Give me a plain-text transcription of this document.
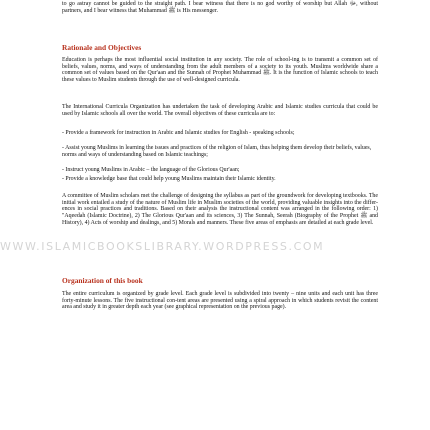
to go astray cannot be guided to the straight path. I bear witness that there is no god worthy of worship but Allah ﷻ, without partners, and I bear witness that Muhammad ﷺ is His messenger.

Rationale and Objectives

Education is perhaps the most influential social institution in any society. The role of school-ing is to transmit a common set of beliefs, values, norms, and ways of understanding from the adult members of a society to its youth. Muslims worldwide share a common set of values based on the Qur'aan and the Sunnah of Prophet Muhammad ﷺ. It is the function of Islamic schools to teach these values to Muslim students through the use of well-designed curricula.

The International Curricula Organization has undertaken the task of developing Arabic and Islamic studies curricula that could be used by Islamic schools all over the world. The overall objectives of these curricula are to:

- Provide a framework for instruction in Arabic and Islamic studies for English - speaking schools;
- Assist young Muslims in learning the issues and practices of the religion of Islam, thus helping them develop their beliefs, values, norms and ways of understanding based on Islamic teachings;
- Instruct young Muslims in Arabic – the language of the Glorious Qur'aan;
- Provide a knowledge base that could help young Muslims maintain their Islamic identity.

A committee of Muslim scholars met the challenge of designing the syllabus as part of the groundwork for developing textbooks. The initial work entailed a study of the nature of Muslim life in Muslim societies of the world, providing valuable insights into the differ-ences in social practices and traditions. Based on their analysis the instructional content was arranged in the following order: 1) "Aqeedah (Islamic Doctrine), 2) The Glorious Qur'aan and its sciences, 3) The Sunnah, Seerah (Biography of the Prophet ﷺ and History), 4) Acts of worship and dealings, and 5) Morals and manners. These five areas of emphasis are detailed at each grade level.

Organization of this book

The entire curriculum is organized by grade level. Each grade level is subdivided into twenty – nine units and each unit has three forty-minute lessons. The five instructional con-tent areas are presented using a spiral approach in which students revisit the content area and study it in greater depth each year (see graphical representation on the previous page).

WWW.ISLAMICBOOKSLIBRARY.WORDPRESS.COM
